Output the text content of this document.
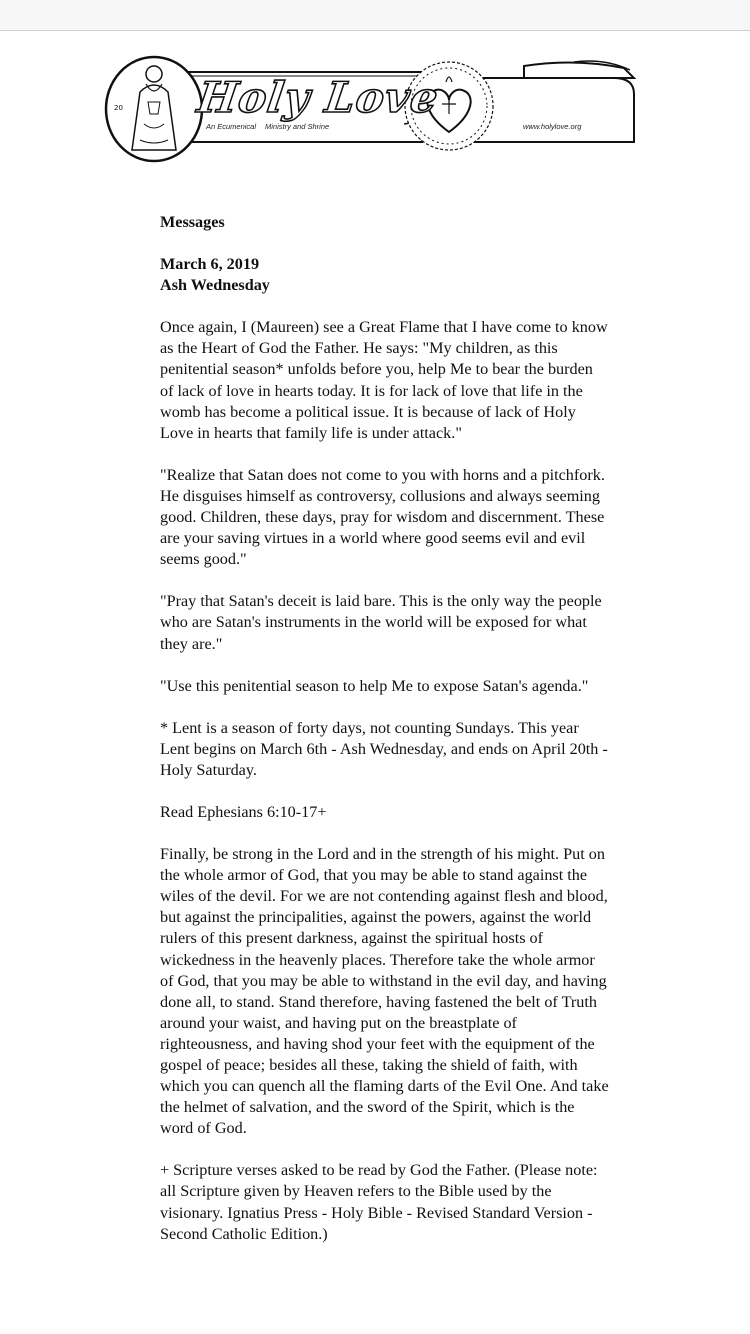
20 Holy Love
An Ecumenical	Ministry and Shrine	www.holylove.org

Messages

March 6, 2019
Ash Wednesday

Once again, I (Maureen) see a Great Flame that I have come to know as the Heart of God the Father. He says: "My children, as this penitential season* unfolds before you, help Me to bear the burden of lack of love in hearts today. It is for lack of love that life in the womb has become a political issue. It is because of lack of Holy Love in hearts that family life is under attack."

"Realize that Satan does not come to you with horns and a pitchfork. He disguises himself as controversy, collusions and always seeming good. Children, these days, pray for wisdom and discernment. These are your saving virtues in a world where good seems evil and evil seems good."

"Pray that Satan's deceit is laid bare. This is the only way the people who are Satan's instruments in the world will be exposed for what they are."

"Use this penitential season to help Me to expose Satan's agenda."

* Lent is a season of forty days, not counting Sundays. This year Lent begins on March 6th - Ash Wednesday, and ends on April 20th - Holy Saturday.

Read Ephesians 6:10-17+

Finally, be strong in the Lord and in the strength of his might. Put on the whole armor of God, that you may be able to stand against the wiles of the devil. For we are not contending against flesh and blood, but against the principalities, against the powers, against the world rulers of this present darkness, against the spiritual hosts of wickedness in the heavenly places. Therefore take the whole armor of God, that you may be able to withstand in the evil day, and having done all, to stand. Stand therefore, having fastened the belt of Truth around your waist, and having put on the breastplate of righteousness, and having shod your feet with the equipment of the gospel of peace; besides all these, taking the shield of faith, with which you can quench all the flaming darts of the Evil One. And take the helmet of salvation, and the sword of the Spirit, which is the word of God.

+ Scripture verses asked to be read by God the Father. (Please note: all Scripture given by Heaven refers to the Bible used by the visionary. Ignatius Press - Holy Bible - Revised Standard Version - Second Catholic Edition.)
